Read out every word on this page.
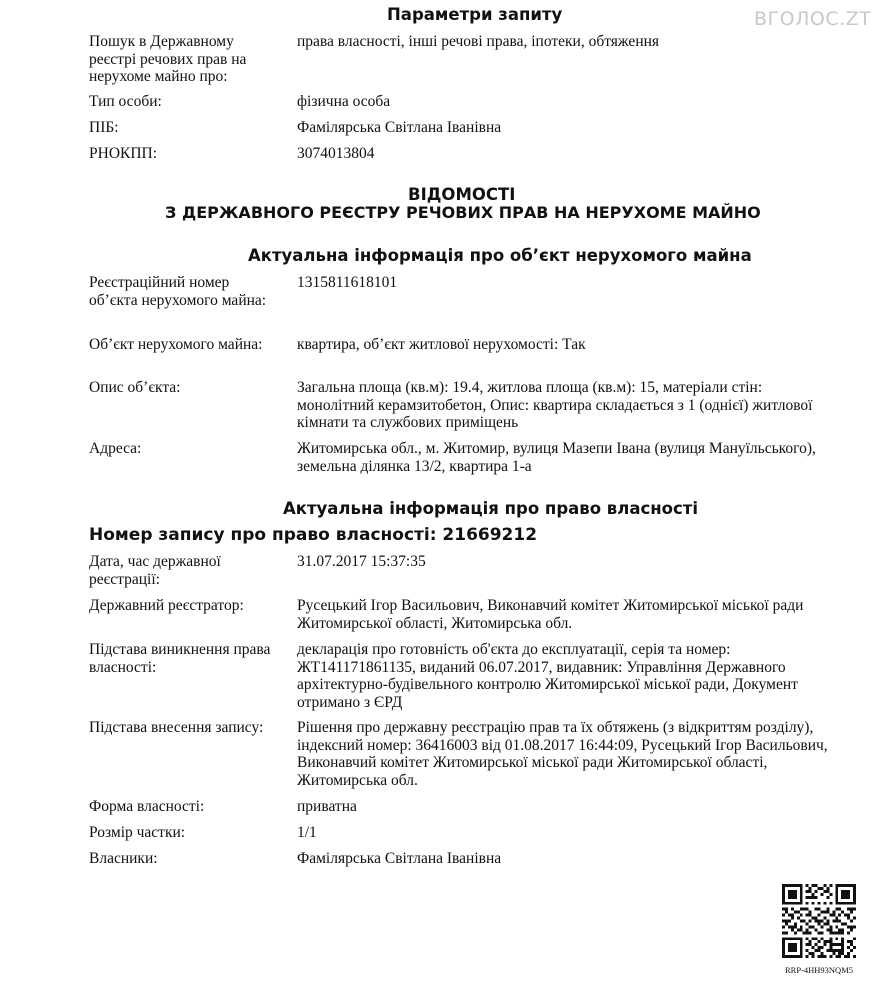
ВГОЛОС.ZT
Параметри запиту
Пошук в Державному реєстрі речових прав на нерухоме майно про:
права власності, інші речові права, іпотеки, обтяження
Тип особи:	фізична особа
ПІБ:	Фамілярська Світлана Іванівна
РНОКПП:	3074013804
ВІДОМОСТІ
З ДЕРЖАВНОГО РЕЄСТРУ РЕЧОВИХ ПРАВ НА НЕРУХОМЕ МАЙНО
Актуальна інформація про об’єкт нерухомого майна
Реєстраційний номер об’єкта нерухомого майна:
1315811618101
Об’єкт нерухомого майна:	квартира, об’єкт житлової нерухомості: Так
Опис об’єкта:	Загальна площа (кв.м): 19.4, житлова площа (кв.м): 15, матеріали стін: монолітний керамзитобетон, Опис: квартира складається з 1 (однієї) житлової кімнати та службових приміщень
Адреса:	Житомирська обл., м. Житомир, вулиця Мазепи Івана (вулиця Мануїльського), земельна ділянка 13/2, квартира 1-а
Актуальна інформація про право власності
Номер запису про право власності: 21669212
Дата, час державної реєстрації:
31.07.2017 15:37:35
Державний реєстратор:	Русецький Ігор Васильович, Виконавчий комітет Житомирської міської ради Житомирської області, Житомирська обл.
Підстава виникнення права власності:
декларація про готовність об'єкта до експлуатації, серія та номер: ЖТ141171861135, виданий 06.07.2017, видавник: Управління Державного архітектурно-будівельного контролю Житомирської міської ради, Документ отримано з ЄРД
Підстава внесення запису:	Рішення про державну реєстрацію прав та їх обтяжень (з відкриттям розділу), індексний номер: 36416003 від 01.08.2017 16:44:09, Русецький Ігор Васильович, Виконавчий комітет Житомирської міської ради Житомирської області, Житомирська обл.
Форма власності:	приватна
Розмір частки:	1/1
Власники:	Фамілярська Світлана Іванівна
RRP-4HH93NQM5
